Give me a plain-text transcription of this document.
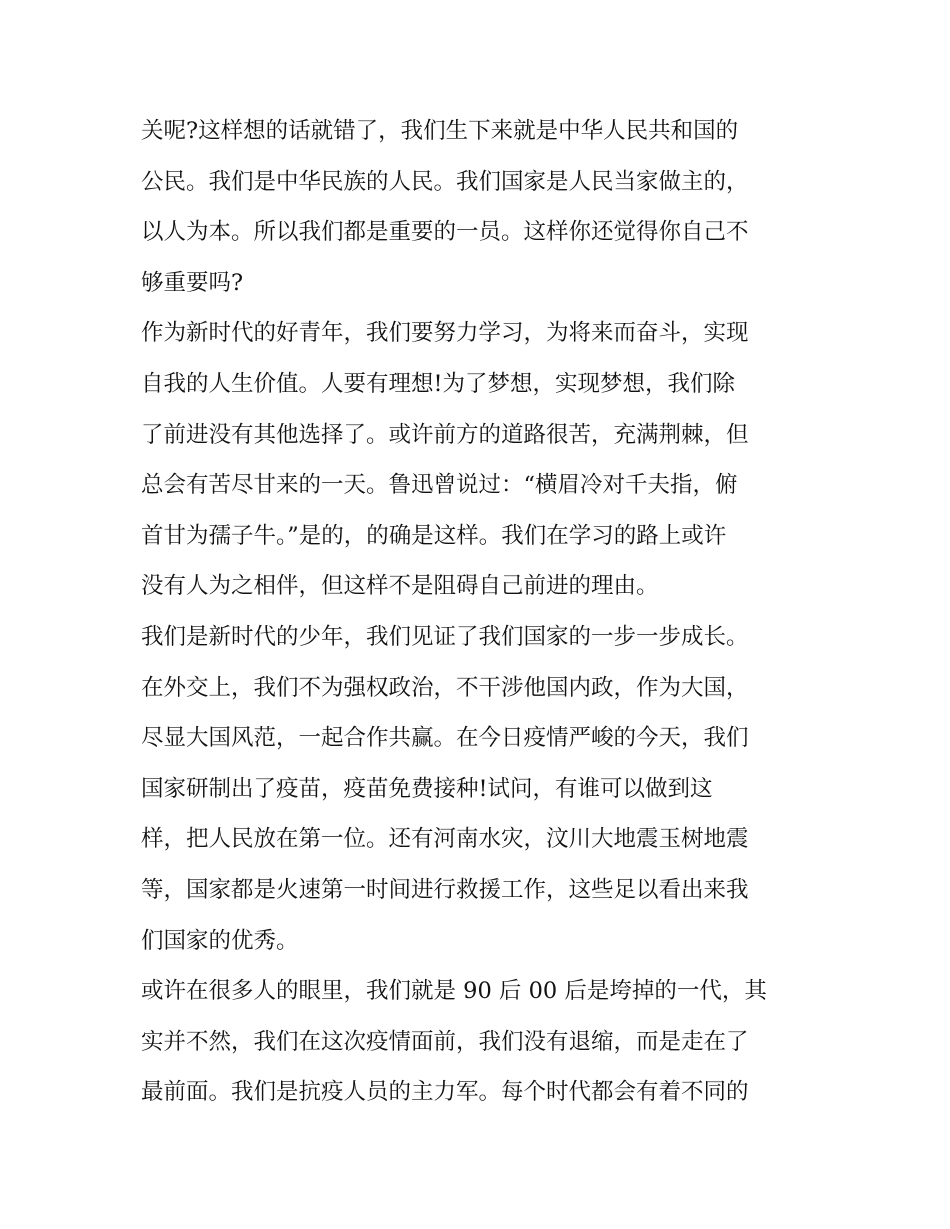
关呢?这样想的话就错了，我们生下来就是中华人民共和国的
公民。我们是中华民族的人民。我们国家是人民当家做主的，
以人为本。所以我们都是重要的一员。这样你还觉得你自己不
够重要吗?
作为新时代的好青年，我们要努力学习，为将来而奋斗，实现
自我的人生价值。人要有理想!为了梦想，实现梦想，我们除
了前进没有其他选择了。或许前方的道路很苦，充满荆棘，但
总会有苦尽甘来的一天。鲁迅曾说过：“横眉冷对千夫指，俯
首甘为孺子牛。”是的，的确是这样。我们在学习的路上或许
没有人为之相伴，但这样不是阻碍自己前进的理由。
我们是新时代的少年，我们见证了我们国家的一步一步成长。
在外交上，我们不为强权政治，不干涉他国内政，作为大国，
尽显大国风范，一起合作共赢。在今日疫情严峻的今天，我们
国家研制出了疫苗，疫苗免费接种!试问，有谁可以做到这
样，把人民放在第一位。还有河南水灾，汶川大地震玉树地震
等，国家都是火速第一时间进行救援工作，这些足以看出来我
们国家的优秀。
或许在很多人的眼里，我们就是 90 后 00 后是垮掉的一代，其
实并不然，我们在这次疫情面前，我们没有退缩，而是走在了
最前面。我们是抗疫人员的主力军。每个时代都会有着不同的
